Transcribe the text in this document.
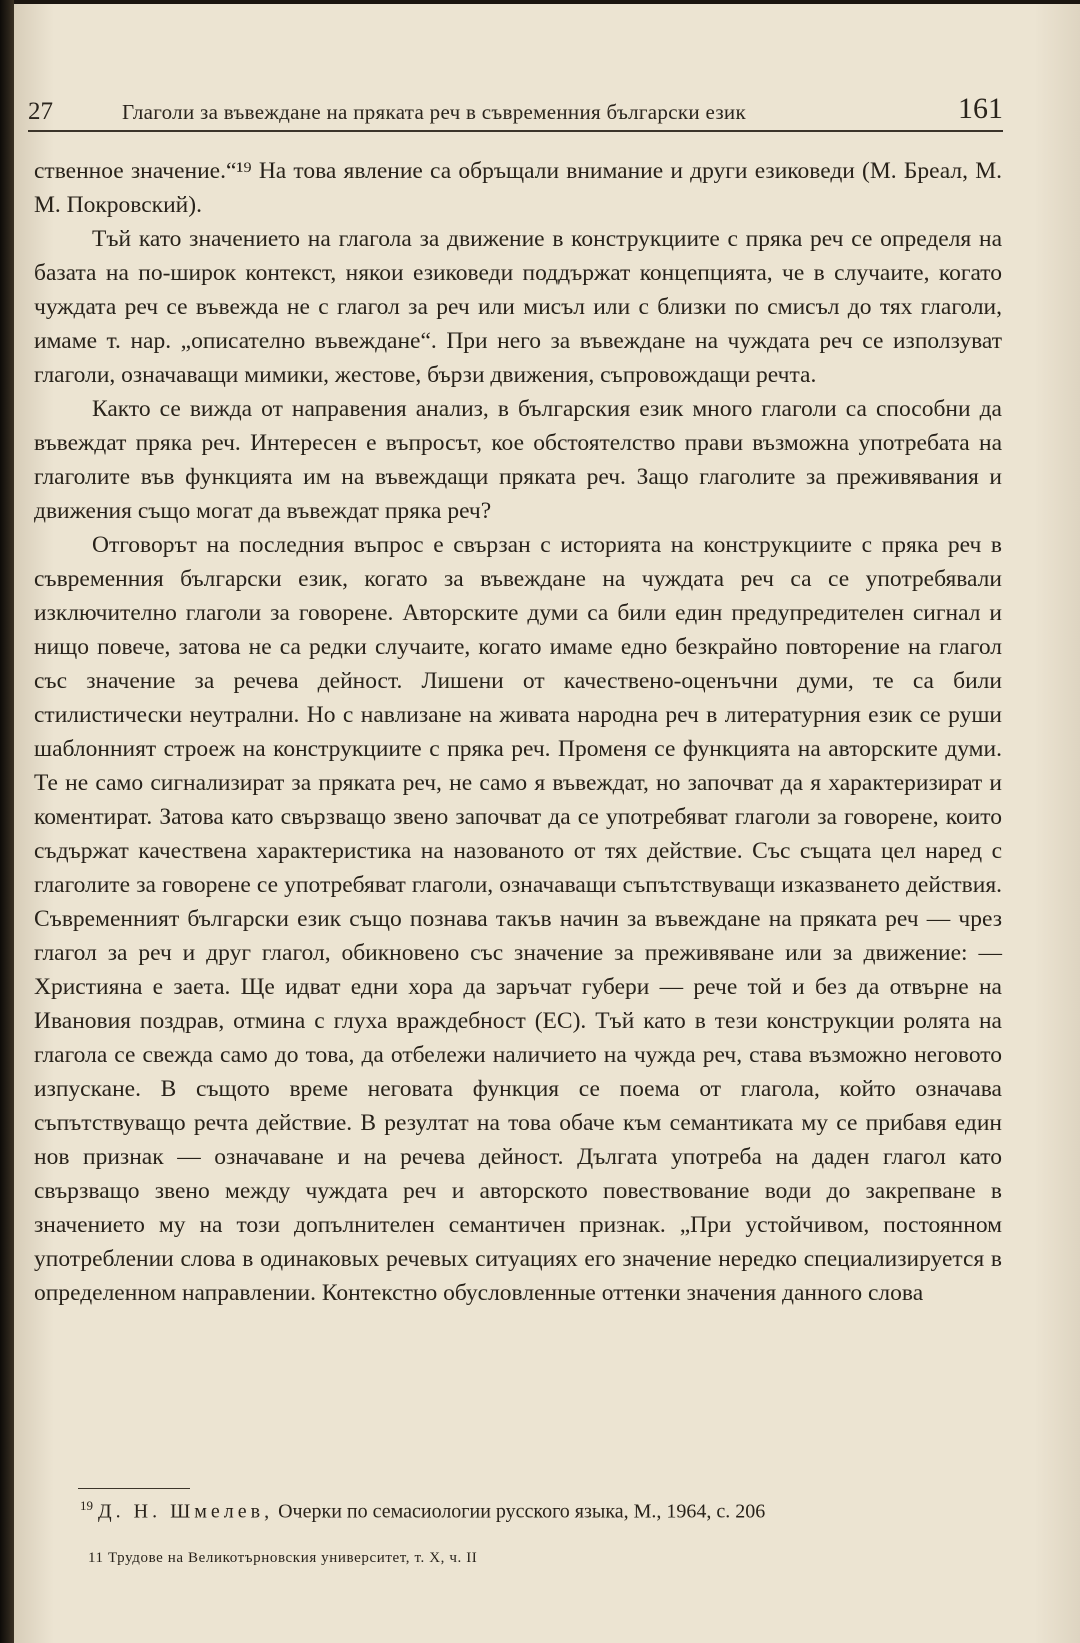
27	Глаголи за въвеждане на пряката реч в съвременния български език	161

ственное значение.“¹⁹ На това явление са обръщали внимание и други езиковеди (М. Бреал, М. М. Покровский).

Тъй като значението на глагола за движение в конструкциите с пряка реч се определя на базата на по-широк контекст, някои езиковеди поддържат концепцията, че в случаите, когато чуждата реч се въвежда не с глагол за реч или мисъл или с близки по смисъл до тях глаголи, имаме т. нар. „описателно въвеждане“. При него за въвеждане на чуждата реч се използуват глаголи, означаващи мимики, жестове, бързи движения, съпровождащи речта.

Както се вижда от направения анализ, в българския език много глаголи са способни да въвеждат пряка реч. Интересен е въпросът, кое обстоятелство прави възможна употребата на глаголите във функцията им на въвеждащи пряката реч. Защо глаголите за преживявания и движения също могат да въвеждат пряка реч?

Отговорът на последния въпрос е свързан с историята на конструкциите с пряка реч в съвременния български език, когато за въвеждане на чуждата реч са се употребявали изключително глаголи за говорене. Авторските думи са били един предупредителен сигнал и нищо повече, затова не са редки случаите, когато имаме едно безкрайно повторение на глагол със значение за речева дейност. Лишени от качествено-оценъчни думи, те са били стилистически неутрални. Но с навлизане на живата народна реч в литературния език се руши шаблонният строеж на конструкциите с пряка реч. Променя се функцията на авторските думи. Те не само сигнализират за пряката реч, не само я въвеждат, но започват да я характеризират и коментират. Затова като свързващо звено започват да се употребяват глаголи за говорене, които съдържат качествена характеристика на назованото от тях действие. Със същата цел наред с глаголите за говорене се употребяват глаголи, означаващи съпътствуващи изказването действия. Съвременният български език също познава такъв начин за въвеждане на пряката реч — чрез глагол за реч и друг глагол, обикновено със значение за преживяване или за движение: — Християна е заета. Ще идват едни хора да заръчат губери — рече той и без да отвърне на Ивановия поздрав, отмина с глуха враждебност (ЕС). Тъй като в тези конструкции ролята на глагола се свежда само до това, да отбележи наличието на чужда реч, става възможно неговото изпускане. В същото време неговата функция се поема от глагола, който означава съпътствуващо речта действие. В резултат на това обаче към семантиката му се прибавя един нов признак — означаване и на речева дейност. Дългата употреба на даден глагол като свързващо звено между чуждата реч и авторското повествование води до закрепване в значението му на този допълнителен семантичен признак. „При устойчивом, постоянном употреблении слова в одинаковых речевых ситуациях его значение нередко специализируется в определенном направлении. Контекстно обусловленные оттенки значения данного слова

$^{19}$ Д. Н. Шмелев, Очерки по семасиологии русского языка, М., 1964, с. 206
11 Трудове на Великотърновския университет, т. X, ч. II
